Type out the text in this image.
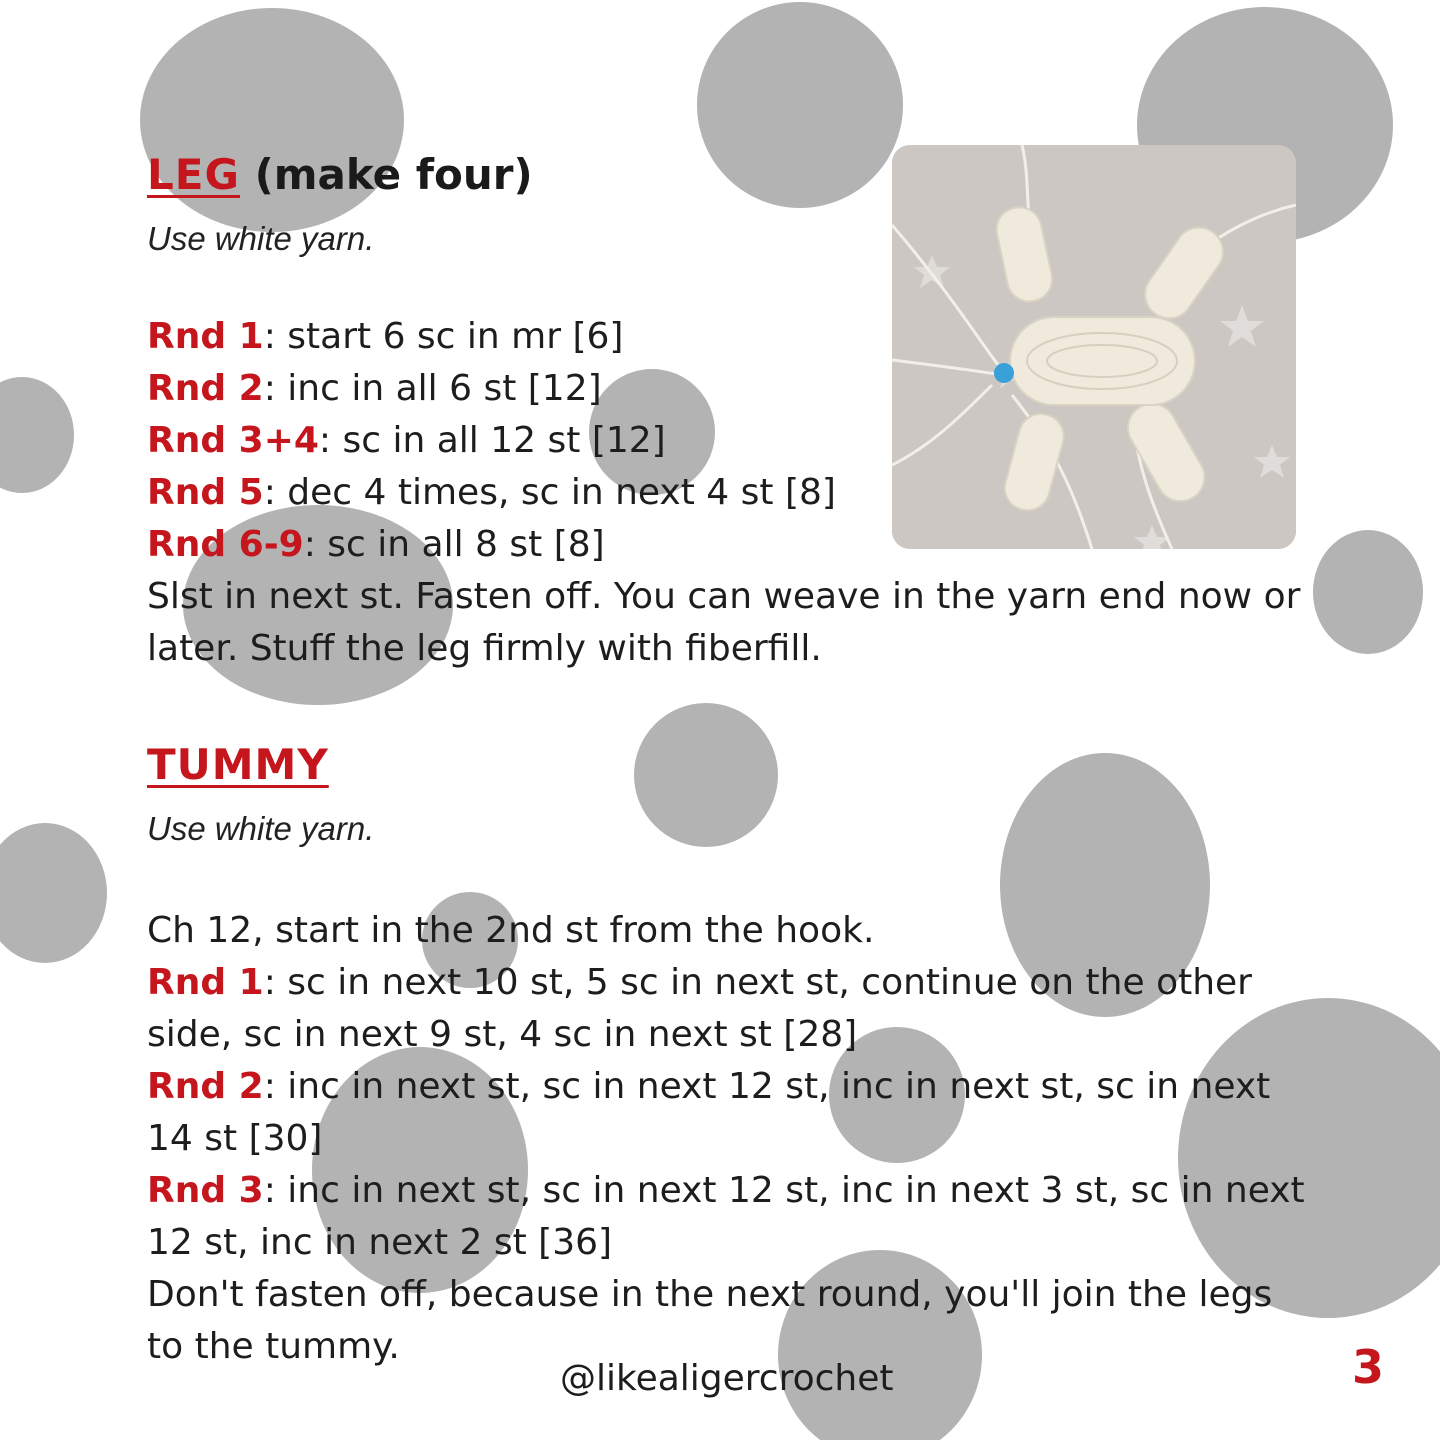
LEG (make four)

Use white yarn.

Rnd 1: start 6 sc in mr [6]
Rnd 2: inc in all 6 st [12]
Rnd 3+4: sc in all 12 st [12]
Rnd 5: dec 4 times, sc in next 4 st [8]
Rnd 6-9: sc in all 8 st [8]
Slst in next st. Fasten off. You can weave in the yarn end now or later. Stuff the leg firmly with fiberfill.
TUMMY

Use white yarn.

Ch 12, start in the 2nd st from the hook.
Rnd 1: sc in next 10 st, 5 sc in next st, continue on the other side, sc in next 9 st, 4 sc in next st [28]
Rnd 2: inc in next st, sc in next 12 st, inc in next st, sc in next 14 st [30]
Rnd 3: inc in next st, sc in next 12 st, inc in next 3 st, sc in next 12 st, inc in next 2 st [36]
Don't fasten off, because in the next round, you'll join the legs to the tummy.
@likealigercrochet	3
